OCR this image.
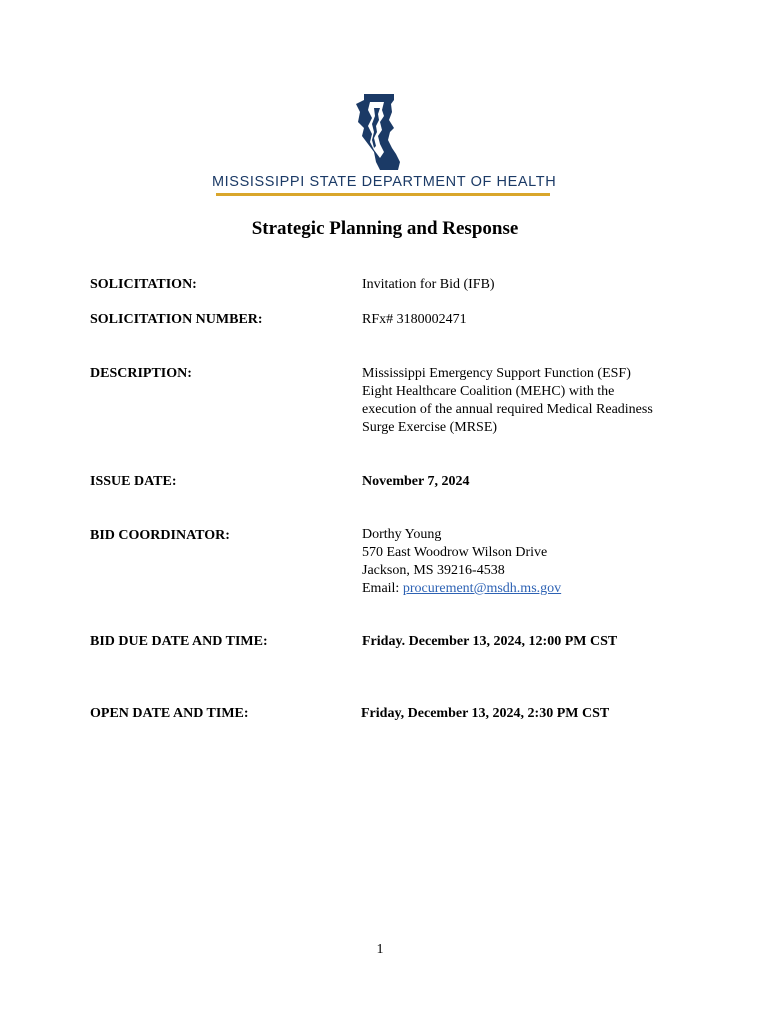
MISSISSIPPI STATE DEPARTMENT OF HEALTH
Strategic Planning and Response
SOLICITATION:	Invitation for Bid (IFB)
SOLICITATION NUMBER:	RFx# 3180002471
DESCRIPTION:	Mississippi Emergency Support Function (ESF)
Eight Healthcare Coalition (MEHC) with the
execution of the annual required Medical Readiness
Surge Exercise (MRSE)
ISSUE DATE:	November 7, 2024
BID COORDINATOR:	Dorthy Young
570 East Woodrow Wilson Drive
Jackson, MS 39216-4538
Email: procurement@msdh.ms.gov
BID DUE DATE AND TIME:	Friday. December 13, 2024, 12:00 PM CST
OPEN DATE AND TIME:	Friday, December 13, 2024, 2:30 PM CST
1
